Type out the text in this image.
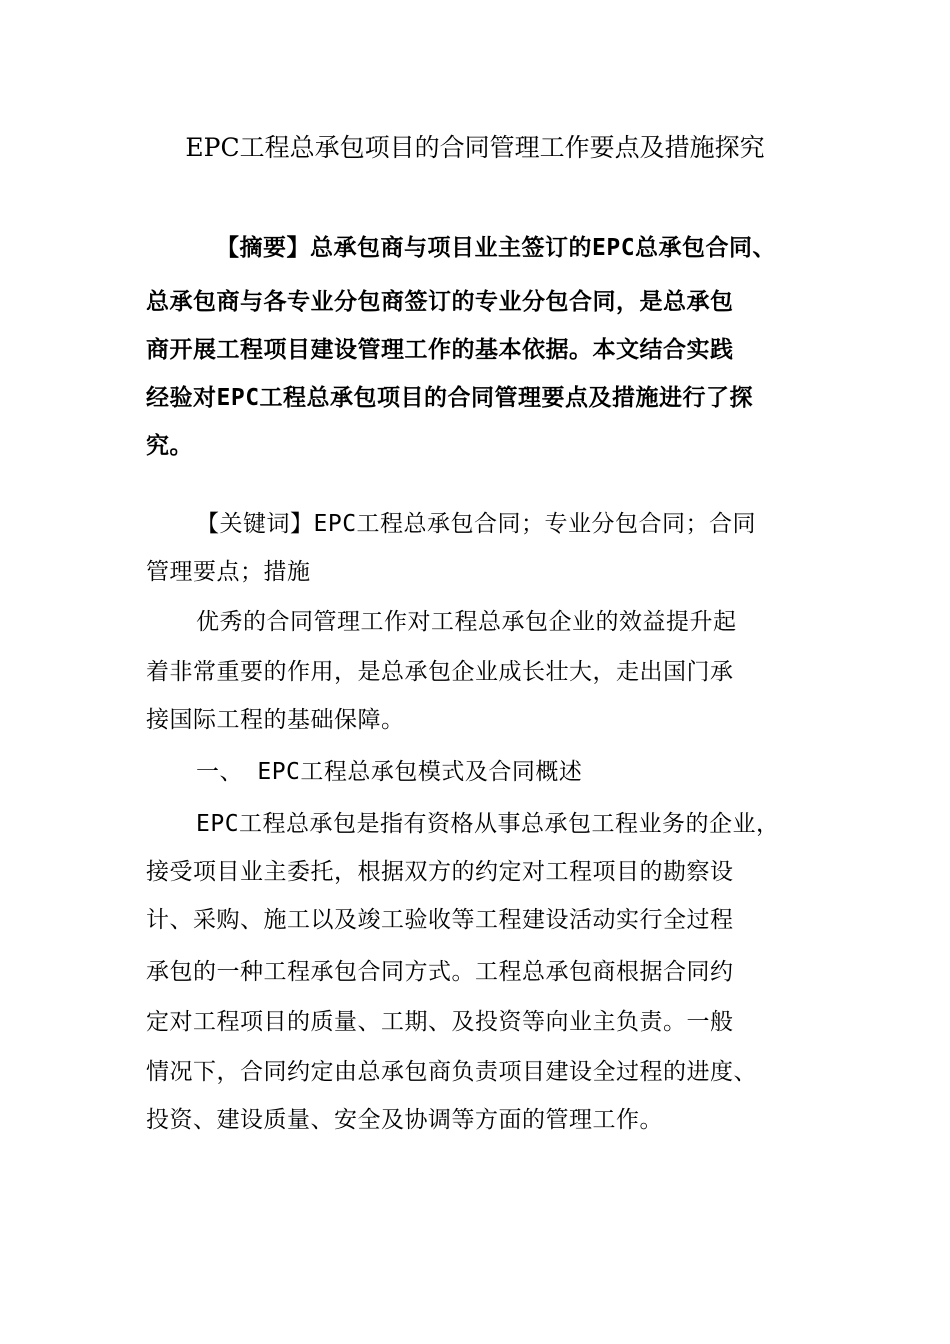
EPC工程总承包项目的合同管理工作要点及措施探究
【摘要】总承包商与项目业主签订的EPC总承包合同、
总承包商与各专业分包商签订的专业分包合同，是总承包
商开展工程项目建设管理工作的基本依据。本文结合实践
经验对EPC工程总承包项目的合同管理要点及措施进行了探
究。
【关键词】EPC工程总承包合同；专业分包合同；合同
管理要点；措施
优秀的合同管理工作对工程总承包企业的效益提升起
着非常重要的作用，是总承包企业成长壮大，走出国门承
接国际工程的基础保障。
一、 EPC工程总承包模式及合同概述
EPC工程总承包是指有资格从事总承包工程业务的企业，
接受项目业主委托，根据双方的约定对工程项目的勘察设
计、采购、施工以及竣工验收等工程建设活动实行全过程
承包的一种工程承包合同方式。工程总承包商根据合同约
定对工程项目的质量、工期、及投资等向业主负责。一般
情况下，合同约定由总承包商负责项目建设全过程的进度、
投资、建设质量、安全及协调等方面的管理工作。
